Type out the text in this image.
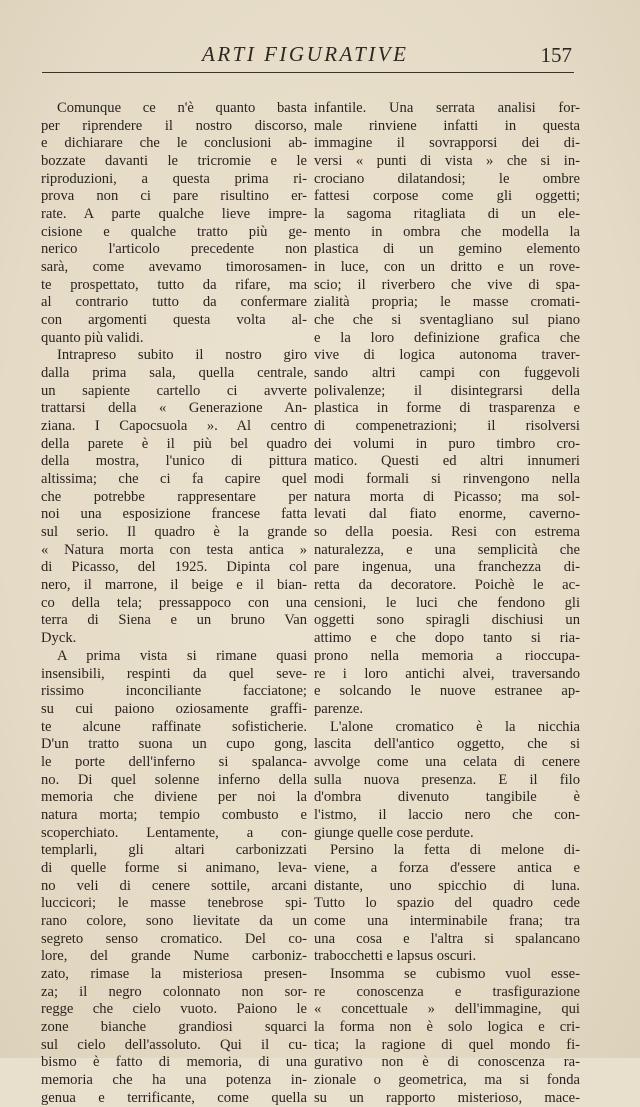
ARTI FIGURATIVE	157
Comunque ce n'è quanto basta
per riprendere il nostro discorso,
e dichiarare che le conclusioni ab-
bozzate davanti le tricromie e le
riproduzioni, a questa prima ri-
prova non ci pare risultino er-
rate. A parte qualche lieve impre-
cisione e qualche tratto più ge-
nerico l'articolo precedente non
sarà, come avevamo timorosamen-
te prospettato, tutto da rifare, ma
al contrario tutto da confermare
con argomenti questa volta al-
quanto più validi.
Intrapreso subito il nostro giro
dalla prima sala, quella centrale,
un sapiente cartello ci avverte
trattarsi della « Generazione An-
ziana. I Capocsuola ». Al centro
della parete è il più bel quadro
della mostra, l'unico di pittura
altissima; che ci fa capire quel
che potrebbe rappresentare per
noi una esposizione francese fatta
sul serio. Il quadro è la grande
« Natura morta con testa antica »
di Picasso, del 1925. Dipinta col
nero, il marrone, il beige e il bian-
co della tela; pressappoco con una
terra di Siena e un bruno Van
Dyck.
A prima vista si rimane quasi
insensibili, respinti da quel seve-
rissimo inconciliante facciatone;
su cui paiono oziosamente graffi-
te alcune raffinate sofisticherie.
D'un tratto suona un cupo gong,
le porte dell'inferno si spalanca-
no. Di quel solenne inferno della
memoria che diviene per noi la
natura morta; tempio combusto e
scoperchiato. Lentamente, a con-
templarli, gli altari carbonizzati
di quelle forme si animano, leva-
no veli di cenere sottile, arcani
luccicori; le masse tenebrose spi-
rano colore, sono lievitate da un
segreto senso cromatico. Del co-
lore, del grande Nume carboniz-
zato, rimase la misteriosa presen-
za; il negro colonnato non sor-
regge che cielo vuoto. Paiono le
zone bianche grandiosi squarci
sul cielo dell'assoluto. Qui il cu-
bismo è fatto di memoria, di una
memoria che ha una potenza in-
genua e terrificante, come quella
infantile. Una serrata analisi for-
male rinviene infatti in questa
immagine il sovrapporsi dei di-
versi « punti di vista » che si in-
crociano dilatandosi; le ombre
fattesi corpose come gli oggetti;
la sagoma ritagliata di un ele-
mento in ombra che modella la
plastica di un gemino elemento
in luce, con un dritto e un rove-
scio; il riverbero che vive di spa-
zialità propria; le masse cromati-
che che si sventagliano sul piano
e la loro definizione grafica che
vive di logica autonoma traver-
sando altri campi con fuggevoli
polivalenze; il disintegrarsi della
plastica in forme di trasparenza e
di compenetrazioni; il risolversi
dei volumi in puro timbro cro-
matico. Questi ed altri innumeri
modi formali si rinvengono nella
natura morta di Picasso; ma sol-
levati dal fiato enorme, caverno-
so della poesia. Resi con estrema
naturalezza, e una semplicità che
pare ingenua, una franchezza di-
retta da decoratore. Poichè le ac-
censioni, le luci che fendono gli
oggetti sono spiragli dischiusi un
attimo e che dopo tanto si ria-
prono nella memoria a rioccupa-
re i loro antichi alvei, traversando
e solcando le nuove estranee ap-
parenze.
L'alone cromatico è la nicchia
lascita dell'antico oggetto, che si
avvolge come una celata di cenere
sulla nuova presenza. E il filo
d'ombra divenuto tangibile è
l'istmo, il laccio nero che con-
giunge quelle cose perdute.
Persino la fetta di melone di-
viene, a forza d'essere antica e
distante, uno spicchio di luna.
Tutto lo spazio del quadro cede
come una interminabile frana; tra
una cosa e l'altra si spalancano
trabocchetti e lapsus oscuri.
Insomma se cubismo vuol esse-
re conoscenza e trasfigurazione
« concettuale » dell'immagine, qui
la forma non è solo logica e cri-
tica; la ragione di quel mondo fi-
gurativo non è di conoscenza ra-
zionale o geometrica, ma si fonda
su un rapporto misterioso, mace-
